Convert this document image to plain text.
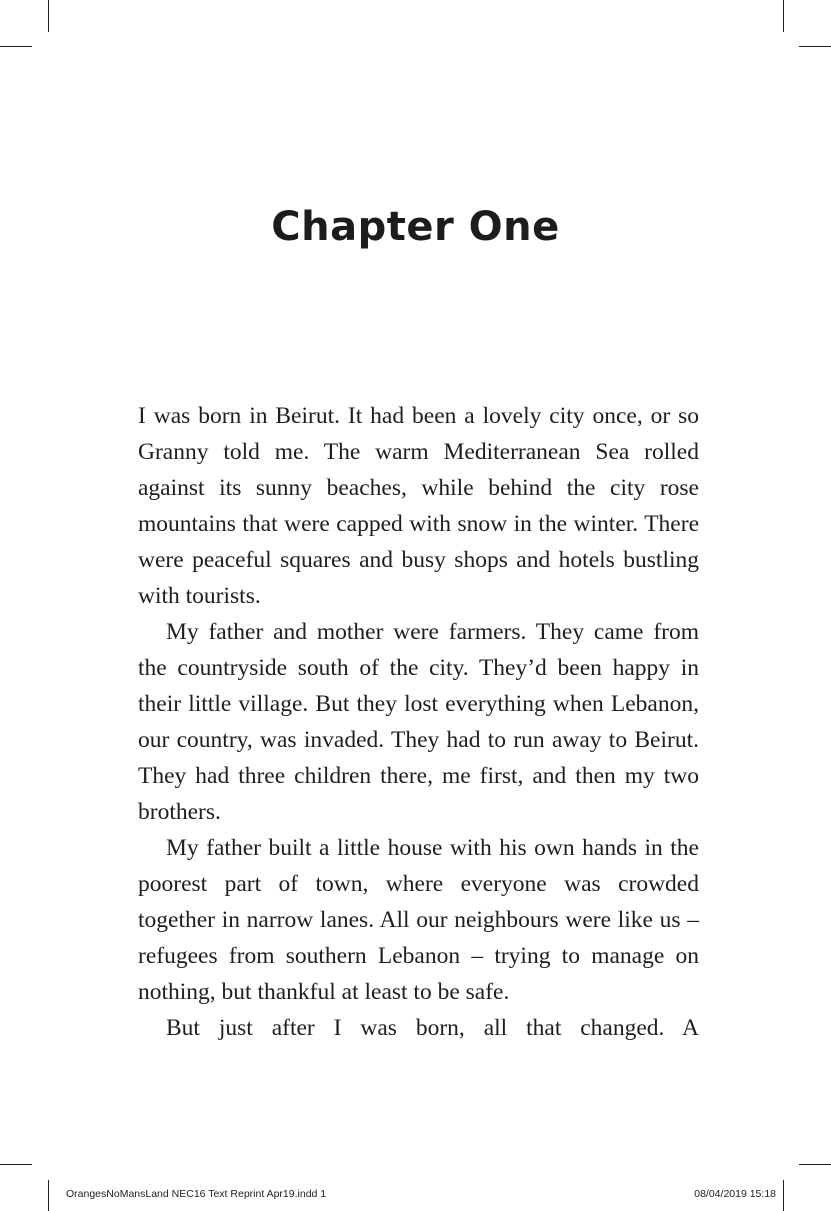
Chapter One

I was born in Beirut. It had been a lovely city once, or so Granny told me. The warm Mediterranean Sea rolled against its sunny beaches, while behind the city rose mountains that were capped with snow in the winter. There were peaceful squares and busy shops and hotels bustling with tourists.

My father and mother were farmers. They came from the countryside south of the city. They’d been happy in their little village. But they lost everything when Lebanon, our country, was invaded. They had to run away to Beirut. They had three children there, me first, and then my two brothers.

My father built a little house with his own hands in the poorest part of town, where everyone was crowded together in narrow lanes. All our neighbours were like us – refugees from southern Lebanon – trying to manage on nothing, but thankful at least to be safe.

But just after I was born, all that changed. A

OrangesNoMansLand NEC16 Text Reprint Apr19.indd 1	08/04/2019 15:18
